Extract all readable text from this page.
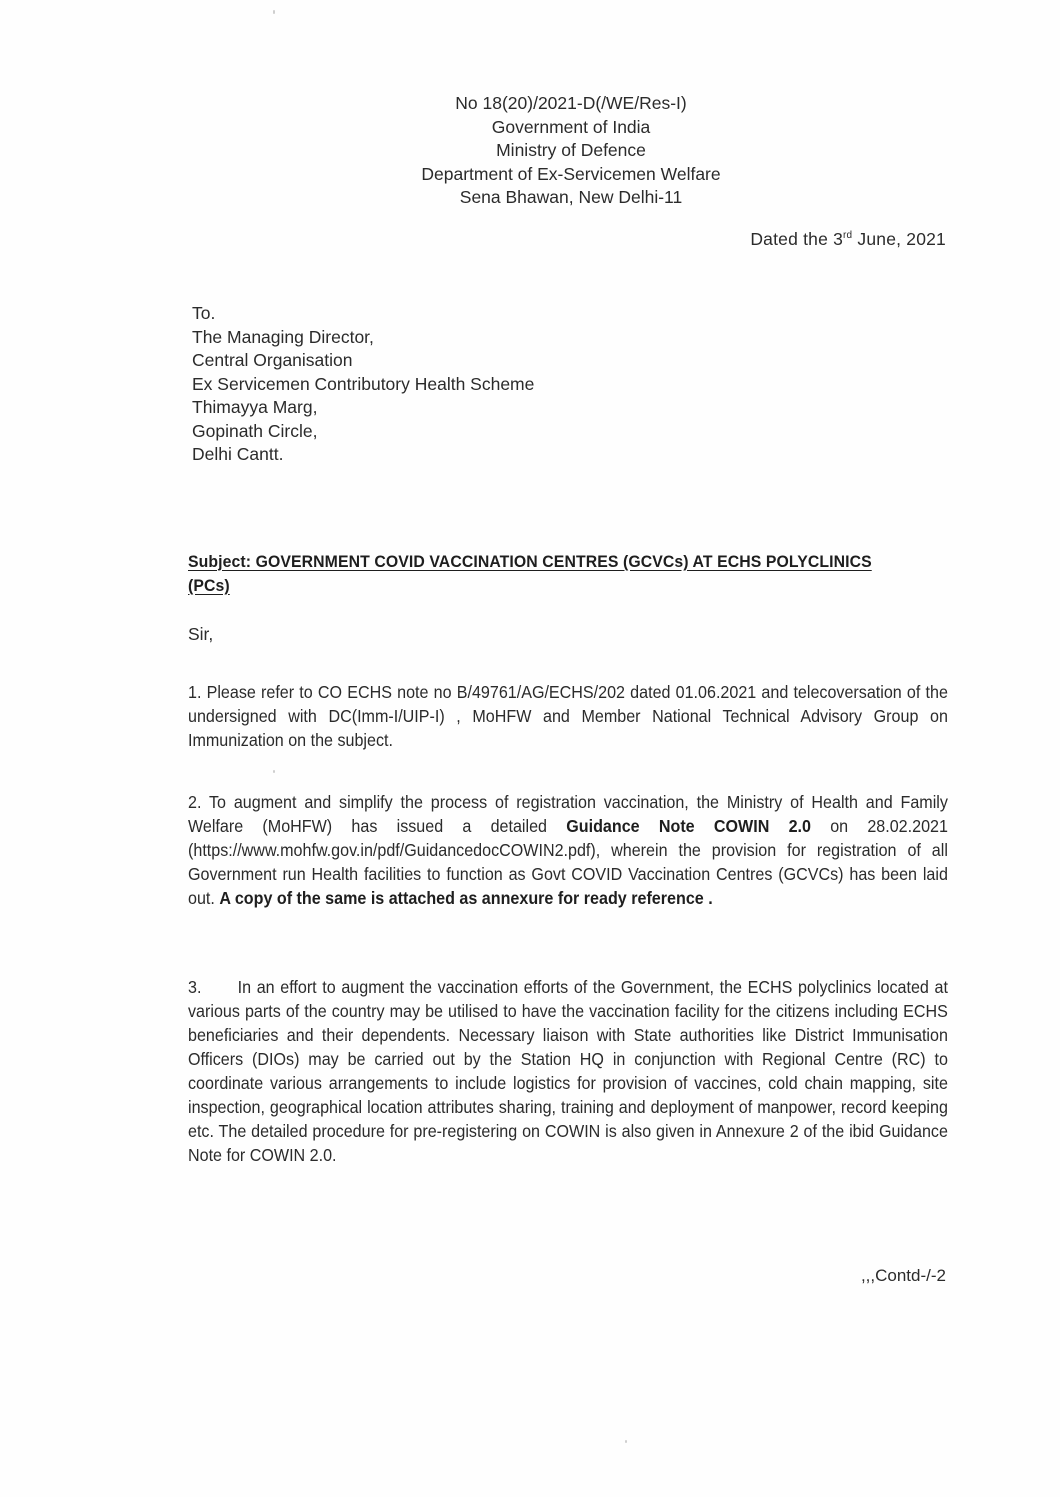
No 18(20)/2021-D(/WE/Res-I)
Government of India
Ministry of Defence
Department of Ex-Servicemen Welfare
Sena Bhawan, New Delhi-11
Dated the 3rd June, 2021
To.
The Managing Director,
Central Organisation
Ex Servicemen Contributory Health Scheme
Thimayya Marg,
Gopinath Circle,
Delhi Cantt.
Subject: GOVERNMENT COVID VACCINATION CENTRES (GCVCs) AT ECHS POLYCLINICS (PCs)
Sir,
1. Please refer to CO ECHS note no B/49761/AG/ECHS/202 dated 01.06.2021 and telecoversation of the undersigned with DC(Imm-I/UIP-I) , MoHFW and Member National Technical Advisory Group on Immunization on the subject.
2. To augment and simplify the process of registration vaccination, the Ministry of Health and Family Welfare (MoHFW) has issued a detailed Guidance Note COWIN 2.0 on 28.02.2021 (https://www.mohfw.gov.in/pdf/GuidancedocCOWIN2.pdf), wherein the provision for registration of all Government run Health facilities to function as Govt COVID Vaccination Centres (GCVCs) has been laid out. A copy of the same is attached as annexure for ready reference .
3. In an effort to augment the vaccination efforts of the Government, the ECHS polyclinics located at various parts of the country may be utilised to have the vaccination facility for the citizens including ECHS beneficiaries and their dependents. Necessary liaison with State authorities like District Immunisation Officers (DIOs) may be carried out by the Station HQ in conjunction with Regional Centre (RC) to coordinate various arrangements to include logistics for provision of vaccines, cold chain mapping, site inspection, geographical location attributes sharing, training and deployment of manpower, record keeping etc. The detailed procedure for pre-registering on COWIN is also given in Annexure 2 of the ibid Guidance Note for COWIN 2.0.
,,,Contd-/-2
